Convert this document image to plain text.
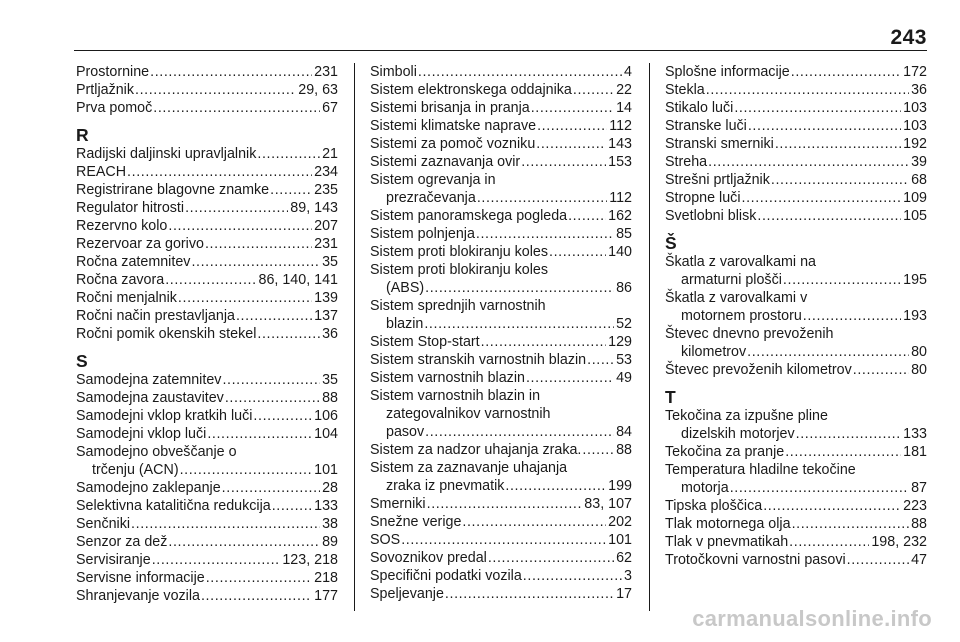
243
Prostornine .....	231
Prtljažnik .....	29, 63
Prva pomoč .....	67
R
Radijski daljinski upravljalnik .....	21
REACH .....	234
Registrirane blagovne znamke .....	235
Regulator hitrosti .....	89, 143
Rezervno kolo .....	207
Rezervoar za gorivo .....	231
Ročna zatemnitev .....	35
Ročna zavora .....	86, 140, 141
Ročni menjalnik .....	139
Ročni način prestavljanja .....	137
Ročni pomik okenskih stekel .....	36
S
Samodejna zatemnitev .....	35
Samodejna zaustavitev .....	88
Samodejni vklop kratkih luči .....	106
Samodejni vklop luči .....	104
Samodejno obveščanje o
trčenju (ACN) .....	101
Samodejno zaklepanje .....	28
Selektivna katalitična redukcija .....	133
Senčniki .....	38
Senzor za dež .....	89
Servisiranje .....	123, 218
Servisne informacije .....	218
Shranjevanje vozila .....	177
Simboli .....	4
Sistem elektronskega oddajnika .....	22
Sistemi brisanja in pranja .....	14
Sistemi klimatske naprave .....	112
Sistemi za pomoč vozniku .....	143
Sistemi zaznavanja ovir .....	153
Sistem ogrevanja in
prezračevanja .....	112
Sistem panoramskega pogleda .....	162
Sistem polnjenja .....	85
Sistem proti blokiranju koles .....	140
Sistem proti blokiranju koles
(ABS) .....	86
Sistem sprednjih varnostnih
blazin .....	52
Sistem Stop-start .....	129
Sistem stranskih varnostnih blazin ..... 53
Sistem varnostnih blazin .....	49
Sistem varnostnih blazin in
zategovalnikov varnostnih
pasov .....	84
Sistem za nadzor uhajanja zraka. ..... 88
Sistem za zaznavanje uhajanja
zraka iz pnevmatik .....	199
Smerniki .....	83, 107
Snežne verige .....	202
SOS .....	101
Sovoznikov predal .....	62
Specifični podatki vozila .....	3
Speljevanje .....	17
Splošne informacije .....	172
Stekla .....	36
Stikalo luči .....	103
Stranske luči .....	103
Stranski smerniki .....	192
Streha .....	39
Strešni prtljažnik .....	68
Stropne luči .....	109
Svetlobni blisk .....	105
Š
Škatla z varovalkami na
armaturni plošči .....	195
Škatla z varovalkami v
motornem prostoru .....	193
Števec dnevno prevoženih
kilometrov .....	80
Števec prevoženih kilometrov .....	80
T
Tekočina za izpušne pline
dizelskih motorjev .....	133
Tekočina za pranje .....	181
Temperatura hladilne tekočine
motorja .....	87
Tipska ploščica .....	223
Tlak motornega olja .....	88
Tlak v pnevmatikah .....	198, 232
Trotočkovni varnostni pasovi .....	47
carmanualsonline.info
